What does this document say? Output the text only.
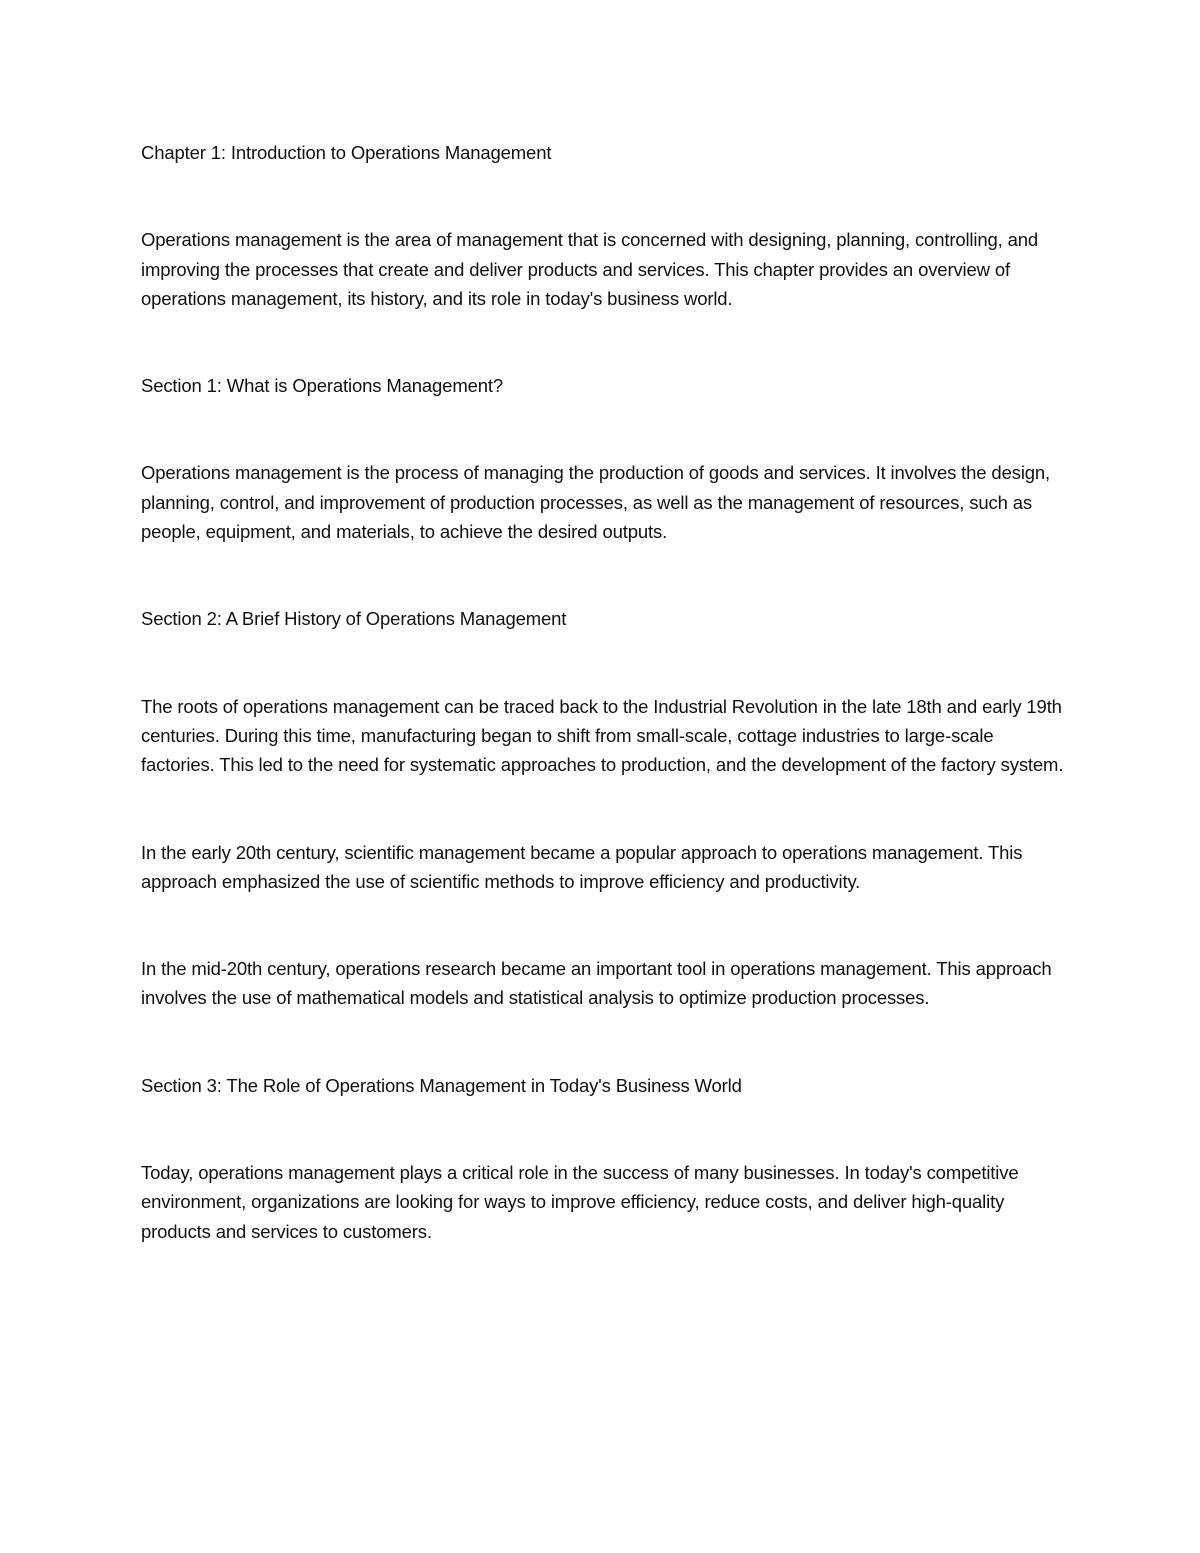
Chapter 1: Introduction to Operations Management

Operations management is the area of management that is concerned with designing, planning, controlling, and improving the processes that create and deliver products and services. This chapter provides an overview of operations management, its history, and its role in today's business world.

Section 1: What is Operations Management?

Operations management is the process of managing the production of goods and services. It involves the design, planning, control, and improvement of production processes, as well as the management of resources, such as people, equipment, and materials, to achieve the desired outputs.

Section 2: A Brief History of Operations Management

The roots of operations management can be traced back to the Industrial Revolution in the late 18th and early 19th centuries. During this time, manufacturing began to shift from small-scale, cottage industries to large-scale factories. This led to the need for systematic approaches to production, and the development of the factory system.

In the early 20th century, scientific management became a popular approach to operations management. This approach emphasized the use of scientific methods to improve efficiency and productivity.

In the mid-20th century, operations research became an important tool in operations management. This approach involves the use of mathematical models and statistical analysis to optimize production processes.

Section 3: The Role of Operations Management in Today's Business World

Today, operations management plays a critical role in the success of many businesses. In today's competitive environment, organizations are looking for ways to improve efficiency, reduce costs, and deliver high-quality products and services to customers.
